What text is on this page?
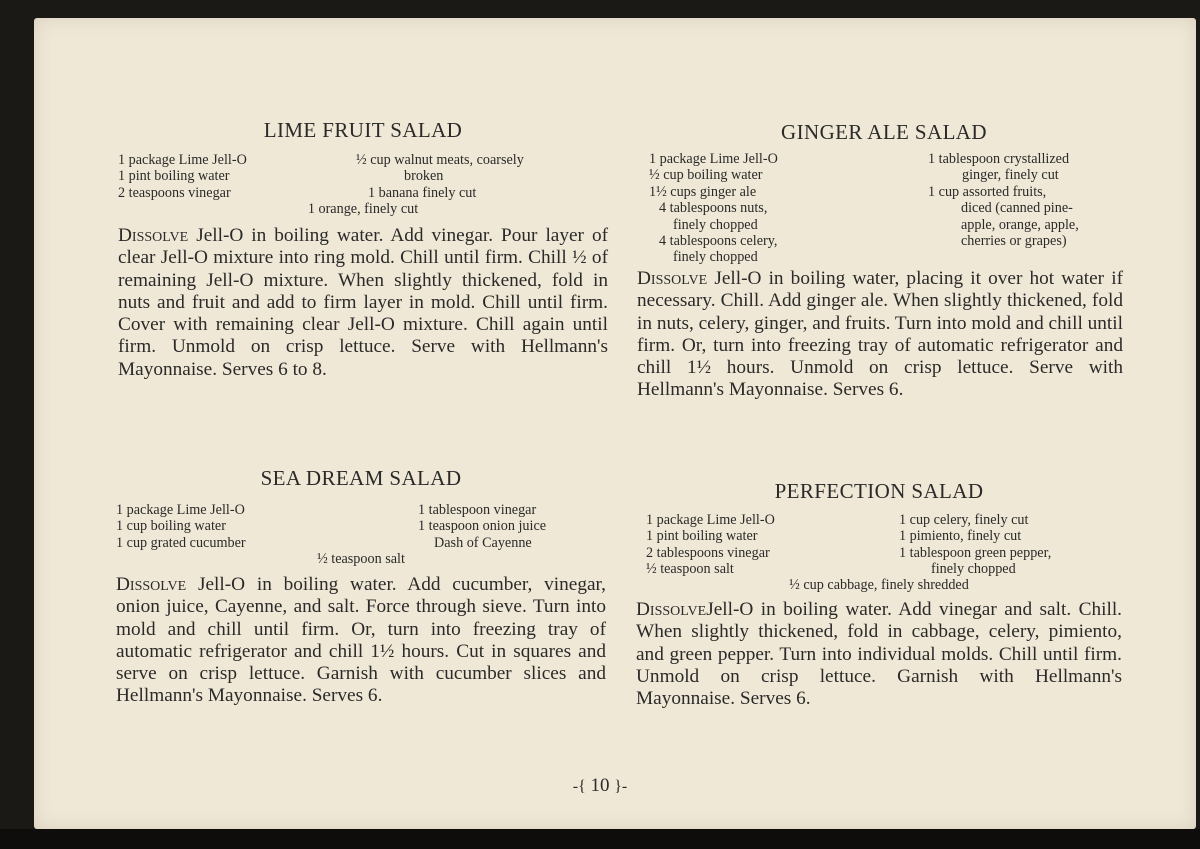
LIME FRUIT SALAD
1 package Lime Jell-O
1 pint boiling water
2 teaspoons vinegar
½ cup walnut meats, coarsely
broken
1 banana finely cut
1 orange, finely cut
Dissolve Jell-O in boiling water. Add vinegar. Pour layer of clear Jell-O mixture into ring mold. Chill until firm. Chill ½ of remaining Jell-O mixture. When slightly thickened, fold in nuts and fruit and add to firm layer in mold. Chill until firm. Cover with remaining clear Jell-O mixture. Chill again until firm. Unmold on crisp lettuce. Serve with Hellmann's Mayonnaise. Serves 6 to 8.
SEA DREAM SALAD
1 package Lime Jell-O
1 cup boiling water
1 cup grated cucumber
1 tablespoon vinegar
1 teaspoon onion juice
Dash of Cayenne
½ teaspoon salt
Dissolve Jell-O in boiling water. Add cucumber, vinegar, onion juice, Cayenne, and salt. Force through sieve. Turn into mold and chill until firm. Or, turn into freezing tray of automatic refrigerator and chill 1½ hours. Cut in squares and serve on crisp lettuce. Garnish with cucumber slices and Hellmann's Mayonnaise. Serves 6.
GINGER ALE SALAD
1 package Lime Jell-O
½ cup boiling water
1½ cups ginger ale
4 tablespoons nuts,
finely chopped
4 tablespoons celery,
finely chopped
1 tablespoon crystallized
ginger, finely cut
1 cup assorted fruits,
diced (canned pine-
apple, orange, apple,
cherries or grapes)
Dissolve Jell-O in boiling water, placing it over hot water if necessary. Chill. Add ginger ale. When slightly thickened, fold in nuts, celery, ginger, and fruits. Turn into mold and chill until firm. Or, turn into freezing tray of automatic refrigerator and chill 1½ hours. Unmold on crisp lettuce. Serve with Hellmann's Mayonnaise. Serves 6.
PERFECTION SALAD
1 package Lime Jell-O
1 pint boiling water
2 tablespoons vinegar
½ teaspoon salt
1 cup celery, finely cut
1 pimiento, finely cut
1 tablespoon green pepper,
finely chopped
½ cup cabbage, finely shredded
DissolveJell-O in boiling water. Add vinegar and salt. Chill. When slightly thickened, fold in cabbage, celery, pimiento, and green pepper. Turn into individual molds. Chill until firm. Unmold on crisp lettuce. Garnish with Hellmann's Mayonnaise. Serves 6.
-{ 10 }-
